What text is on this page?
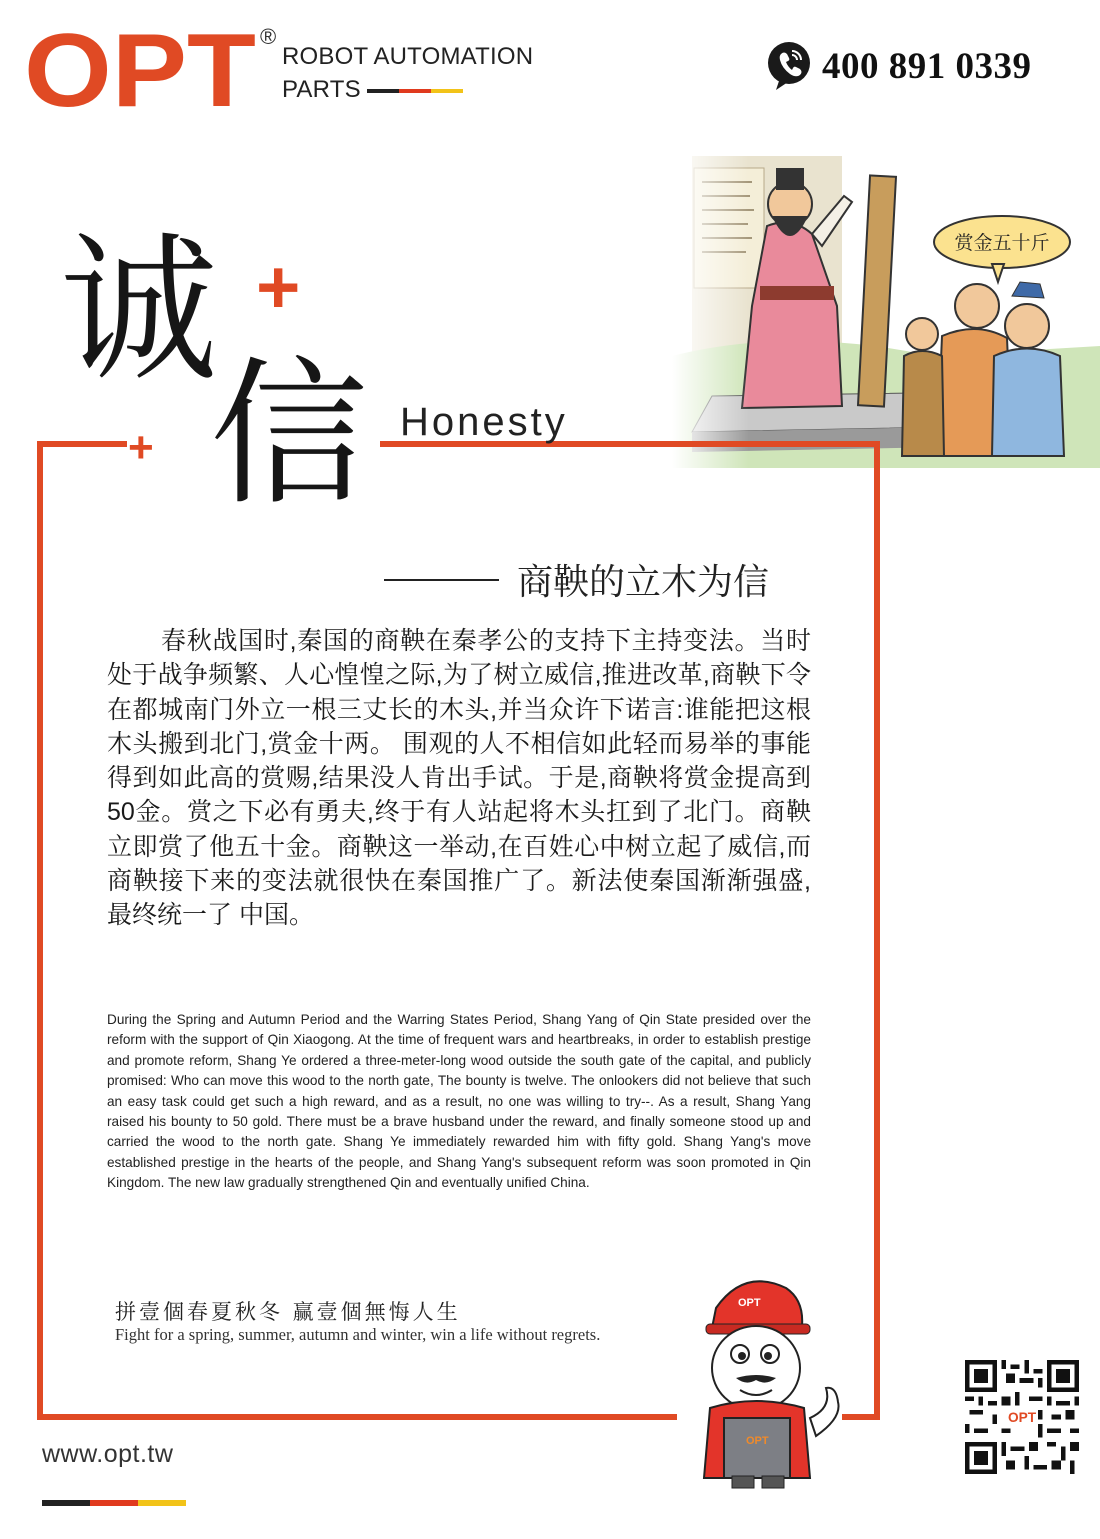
OPT ®
ROBOT AUTOMATION
PARTS
400 891 0339
诚
信 Honesty
+
+
商鞅的立木为信

春秋战国时,秦国的商鞅在秦孝公的支持下主持变法。当时处于战争频繁、人心惶惶之际,为了树立威信,推进改革,商鞅下令在都城南门外立一根三丈长的木头,并当众许下诺言:谁能把这根木头搬到北门,赏金十两。 围观的人不相信如此轻而易举的事能得到如此高的赏赐,结果没人肯出手试。于是,商鞅将赏金提高到50金。赏之下必有勇夫,终于有人站起将木头扛到了北门。商鞅立即赏了他五十金。商鞅这一举动,在百姓心中树立起了威信,而商鞅接下来的变法就很快在秦国推广了。新法使秦国渐渐强盛,最终统一了 中国。

During the Spring and Autumn Period and the Warring States Period, Shang Yang of Qin State presided over the reform with the support of Qin Xiaogong. At the time of frequent wars and heartbreaks, in order to establish prestige and promote reform, Shang Ye ordered a three-meter-long wood outside the south gate of the capital, and publicly promised: Who can move this wood to the north gate, The bounty is twelve. The onlookers did not believe that such an easy task could get such a high reward, and as a result, no one was willing to try--. As a result, Shang Yang raised his bounty to 50 gold. There must be a brave husband under the reward, and finally someone stood up and carried the wood to the north gate. Shang Ye immediately rewarded him with fifty gold. Shang Yang's move established prestige in the hearts of the people, and Shang Yang's subsequent reform was soon promoted in Qin Kingdom. The new law gradually strengthened Qin and eventually unified China.

拼壹個春夏秋冬 赢壹個無悔人生
Fight for a spring, summer, autumn and winter, win a life without regrets.
OPT
OPT
OPT
www.opt.tw
